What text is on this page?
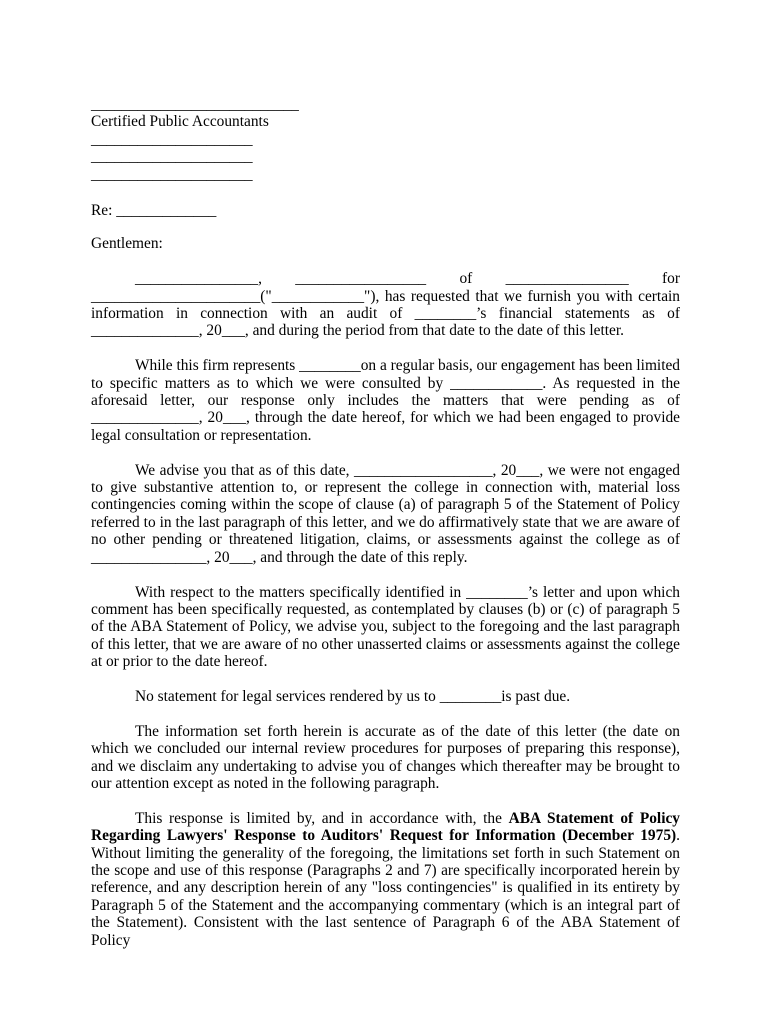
___________________________
Certified Public Accountants
_____________________
_____________________
_____________________
Re: _____________
Gentlemen:
________________,        _________________        of        ________________        for

______________________("____________"), has requested that we furnish you with certain information in connection with an audit of ________’s financial statements as of ______________, 20___, and during the period from that date to the date of this letter.

While this firm represents ________on a regular basis, our engagement has been limited to specific matters as to which we were consulted by ____________. As requested in the aforesaid letter, our response only includes the matters that were pending as of ______________, 20___, through the date hereof, for which we had been engaged to provide legal consultation or representation.

We advise you that as of this date, __________________, 20___, we were not engaged to give substantive attention to, or represent the college in connection with, material loss contingencies coming within the scope of clause (a) of paragraph 5 of the Statement of Policy referred to in the last paragraph of this letter, and we do affirmatively state that we are aware of no other pending or threatened litigation, claims, or assessments against the college as of _______________, 20___, and through the date of this reply.

With respect to the matters specifically identified in ________’s letter and upon which comment has been specifically requested, as contemplated by clauses (b) or (c) of paragraph 5 of the ABA Statement of Policy, we advise you, subject to the foregoing and the last paragraph of this letter, that we are aware of no other unasserted claims or assessments against the college at or prior to the date hereof.

No statement for legal services rendered by us to ________is past due.

The information set forth herein is accurate as of the date of this letter (the date on which we concluded our internal review procedures for purposes of preparing this response), and we disclaim any undertaking to advise you of changes which thereafter may be brought to our attention except as noted in the following paragraph.

This response is limited by, and in accordance with, the ABA Statement of Policy Regarding Lawyers' Response to Auditors' Request for Information (December 1975). Without limiting the generality of the foregoing, the limitations set forth in such Statement on the scope and use of this response (Paragraphs 2 and 7) are specifically incorporated herein by reference, and any description herein of any "loss contingencies" is qualified in its entirety by Paragraph 5 of the Statement and the accompanying commentary (which is an integral part of the Statement). Consistent with the last sentence of Paragraph 6 of the ABA Statement of Policy
